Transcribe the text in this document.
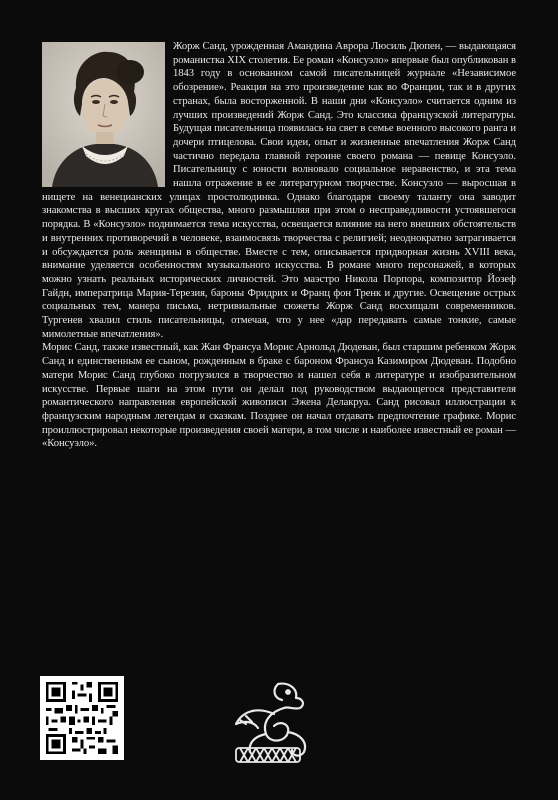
Жорж Санд, урожденная Амандина Аврора Люсиль Дюпен, — выдающаяся романистка XIX столетия. Ее роман «Консуэло» впервые был опубликован в 1843 году в основанном самой писательницей журнале «Независимое обозрение». Реакция на это произведение как во Франции, так и в других странах, была восторженной. В наши дни «Консуэло» считается одним из лучших произведений Жорж Санд. Это классика французской литературы. Будущая писательница появилась на свет в семье военного высокого ранга и дочери птицелова. Свои идеи, опыт и жизненные впечатления Жорж Санд частично передала главной героине своего романа — певице Консуэло. Писательницу с юности волновало социальное неравенство, и эта тема нашла отражение в ее литературном творчестве. Консуэло — выросшая в нищете на венецианских улицах простолюдинка. Однако благодаря своему таланту она заводит знакомства в высших кругах общества, много размышляя при этом о несправедливости устоявшегося порядка. В «Консуэло» поднимается тема искусства, освещается влияние на него внешних обстоятельств и внутренних противоречий в человеке, взаимосвязь творчества с религией; неоднократно затрагивается и обсуждается роль женщины в обществе. Вместе с тем, описывается придворная жизнь XVIII века, внимание уделяется особенностям музыкального искусства. В романе много персонажей, в которых можно узнать реальных исторических личностей. Это маэстро Никола Порпора, композитор Йозеф Гайдн, императрица Мария-Терезия, бароны Фридрих и Франц фон Тренк и другие. Освещение острых социальных тем, манера письма, нетривиальные сюжеты Жорж Санд восхищали современников. Тургенев хвалил стиль писательницы, отмечая, что у нее «дар передавать самые тонкие, самые мимолетные впечатления».

Морис Санд, также известный, как Жан Франсуа Морис Арнольд Дюдеван, был старшим ребенком Жорж Санд и единственным ее сыном, рожденным в браке с бароном Франсуа Казимиром Дюдеван. Подобно матери Морис Санд глубоко погрузился в творчество и нашел себя в литературе и изобразительном искусстве. Первые шаги на этом пути он делал под руководством выдающегося представителя романтического направления европейской живописи Эжена Делакруа. Санд рисовал иллюстрации к французским народным легендам и сказкам. Позднее он начал отдавать предпочтение графике. Морис проиллюстрировал некоторые произведения своей матери, в том числе и наиболее известный ее роман — «Консуэло».
